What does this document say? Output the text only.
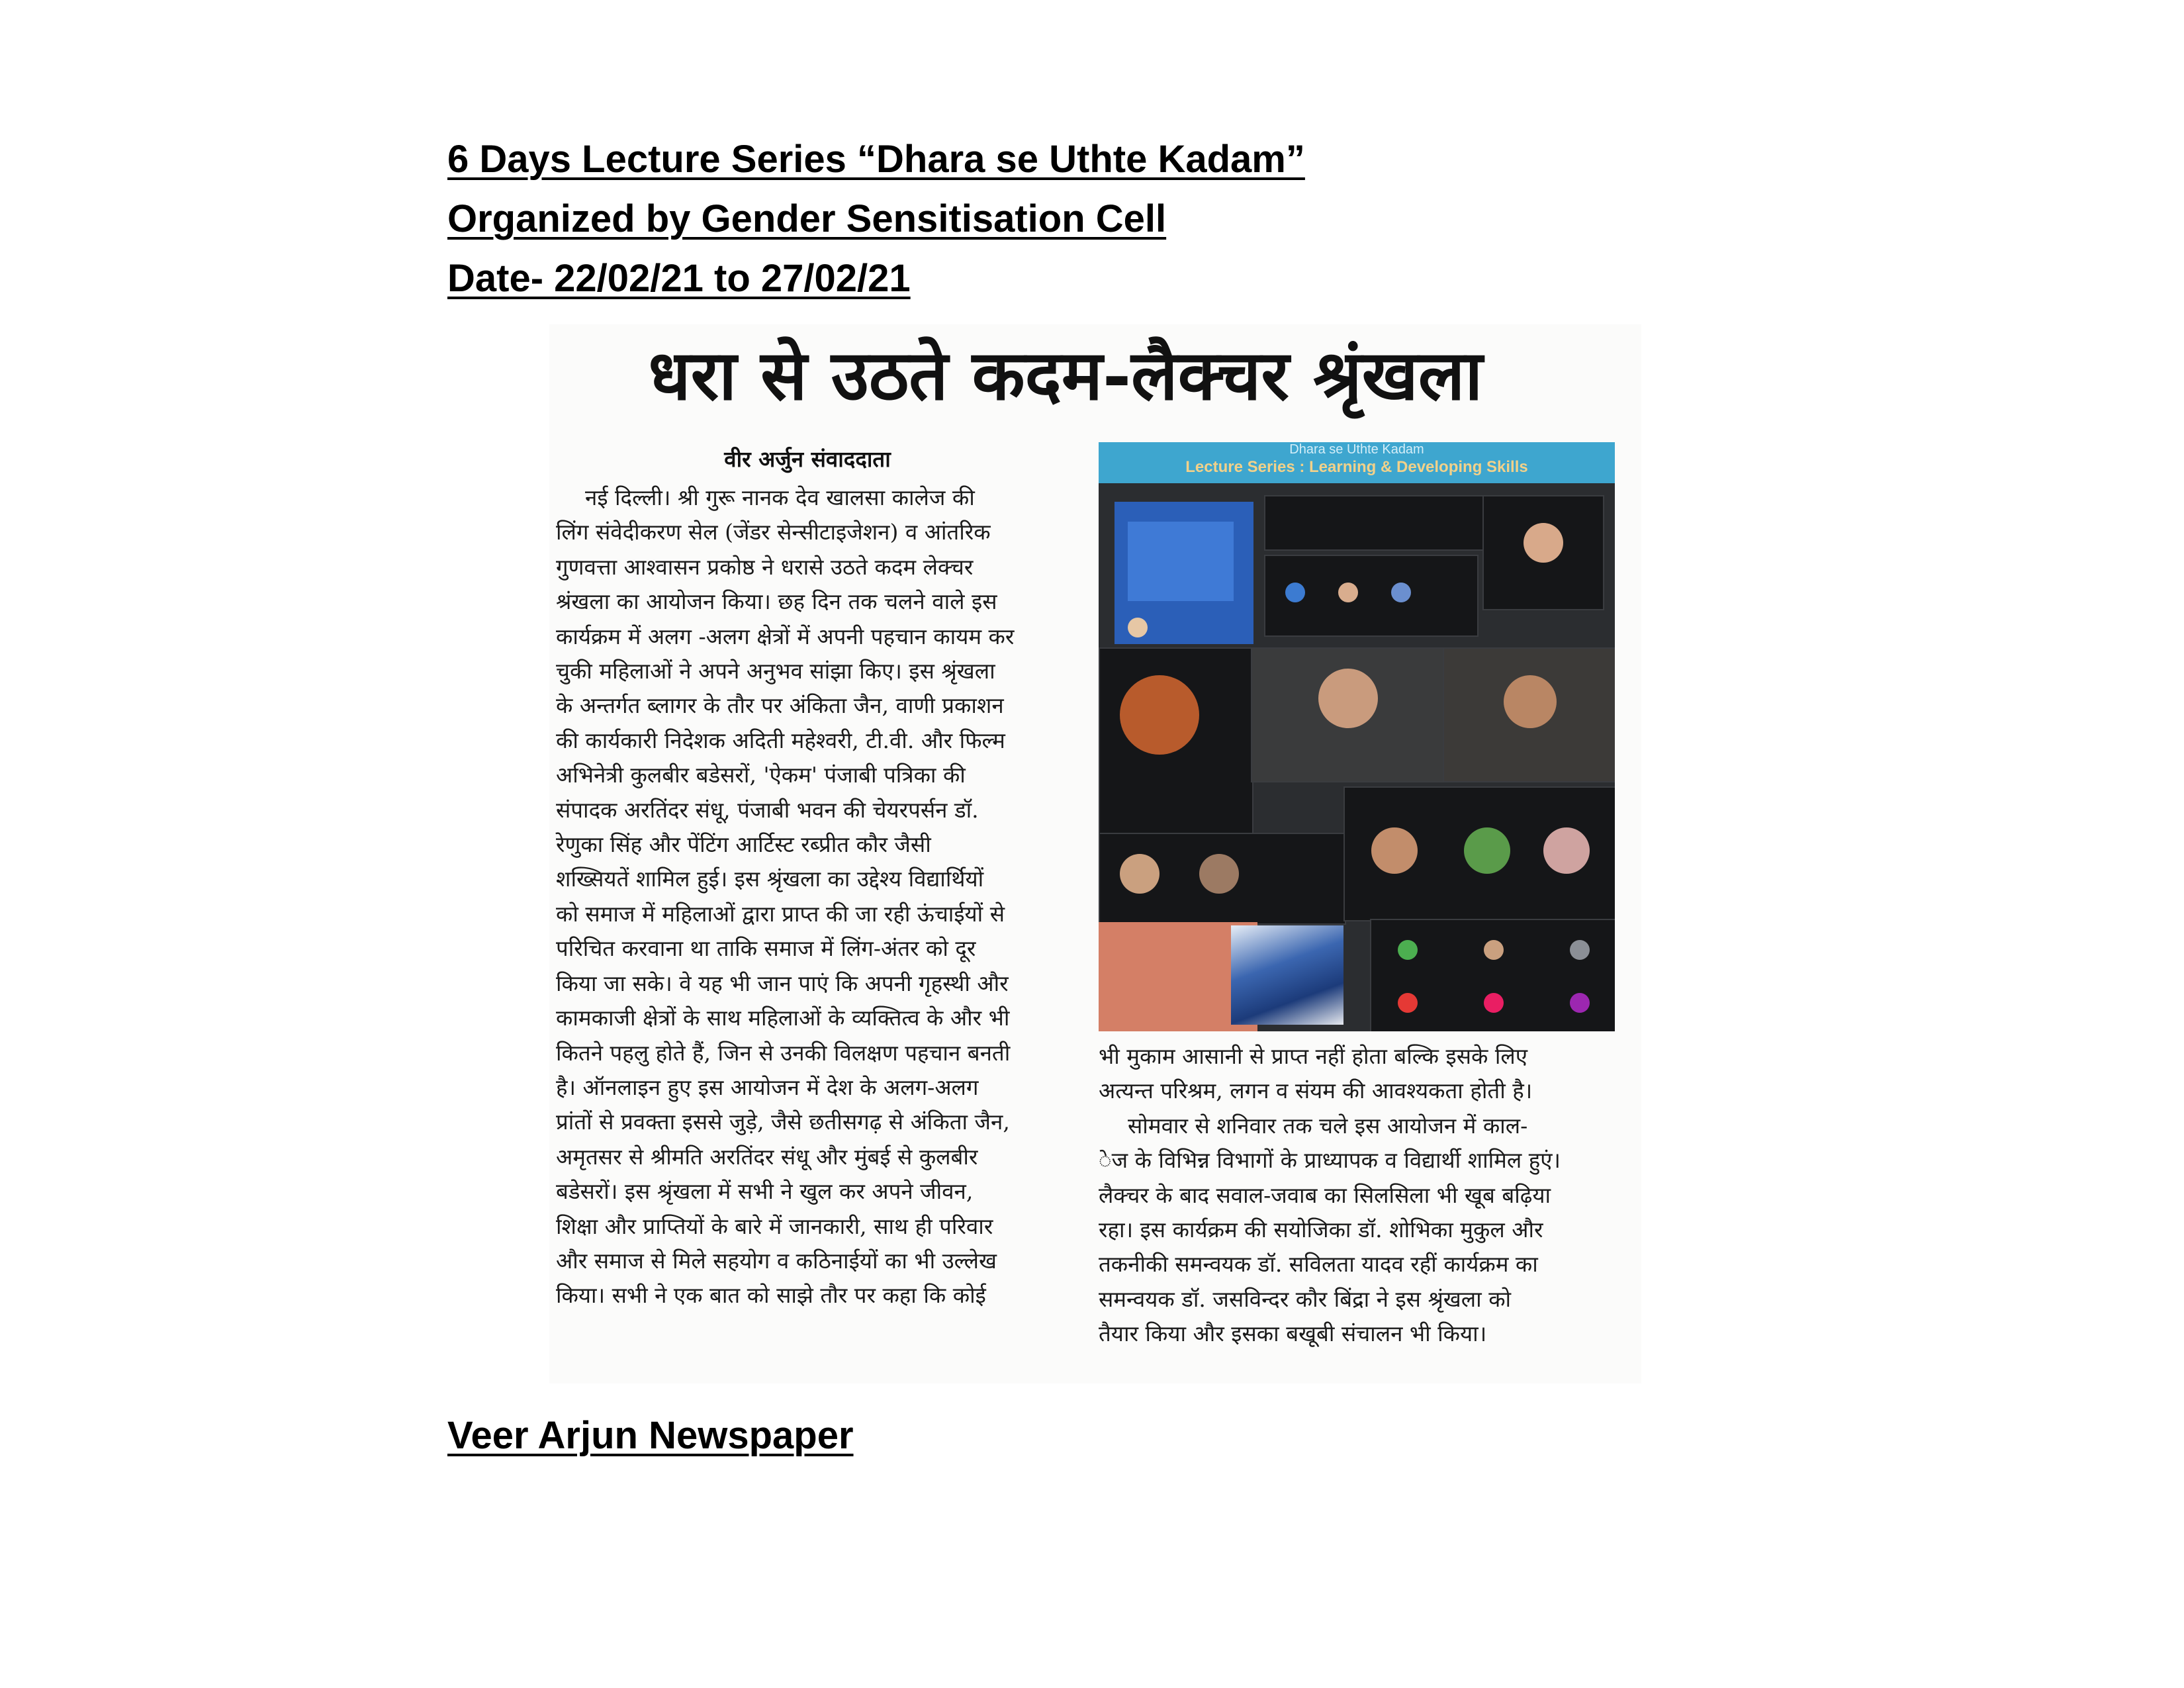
6 Days Lecture Series “Dhara se Uthte Kadam”
Organized by Gender Sensitisation Cell
Date- 22/02/21 to 27/02/21
धरा से उठते कदम-लैक्चर श्रृंखला
वीर अर्जुन संवाददाता
नई दिल्ली। श्री गुरू नानक देव खालसा कालेज की
लिंग संवेदीकरण सेल (जेंडर सेन्सीटाइजेशन) व आंतरिक
गुणवत्ता आश्वासन प्रकोष्ठ ने धरासे उठते कदम लेक्चर
श्रंखला का आयोजन किया। छह दिन तक चलने वाले इस
कार्यक्रम में अलग -अलग क्षेत्रों में अपनी पहचान कायम कर
चुकी महिलाओं ने अपने अनुभव सांझा किए। इस श्रृंखला
के अन्तर्गत ब्लागर के तौर पर अंकिता जैन, वाणी प्रकाशन
की कार्यकारी निदेशक अदिती महेश्वरी, टी.वी. और फिल्म
अभिनेत्री कुलबीर बडेसरों, 'ऐकम' पंजाबी पत्रिका की
संपादक अरतिंदर संधू, पंजाबी भवन की चेयरपर्सन डॉ.
रेणुका सिंह और पेंटिंग आर्टिस्ट रब्प्रीत कौर जैसी
शख्सियतें शामिल हुई। इस श्रृंखला का उद्देश्य विद्यार्थियों
को समाज में महिलाओं द्वारा प्राप्त की जा रही ऊंचाईयों से
परिचित करवाना था ताकि समाज में लिंग-अंतर को दूर
किया जा सके। वे यह भी जान पाएं कि अपनी गृहस्थी और
कामकाजी क्षेत्रों के साथ महिलाओं के व्यक्तित्व के और भी
कितने पहलु होते हैं, जिन से उनकी विलक्षण पहचान बनती
है। ऑनलाइन हुए इस आयोजन में देश के अलग-अलग
प्रांतों से प्रवक्ता इससे जुड़े, जैसे छतीसगढ़ से अंकिता जैन,
अमृतसर से श्रीमति अरतिंदर संधू और मुंबई से कुलबीर
बडेसरों। इस श्रृंखला में सभी ने खुल कर अपने जीवन,
शिक्षा और प्राप्तियों के बारे में जानकारी, साथ ही परिवार
और समाज से मिले सहयोग व कठिनाईयों का भी उल्लेख
किया। सभी ने एक बात को साझे तौर पर कहा कि कोई
Dhara se Uthte Kadam
Lecture Series : Learning & Developing Skills
भी मुकाम आसानी से प्राप्त नहीं होता बल्कि इसके लिए
अत्यन्त परिश्रम, लगन व संयम की आवश्यकता होती है।
सोमवार से शनिवार तक चले इस आयोजन में काल-
ेज के विभिन्न विभागों के प्राध्यापक व विद्यार्थी शामिल हुएं।
लैक्चर के बाद सवाल-जवाब का सिलसिला भी खूब बढ़िया
रहा। इस कार्यक्रम की सयोजिका डॉ. शोभिका मुकुल और
तकनीकी समन्वयक डॉ. सविलता यादव रहीं कार्यक्रम का
समन्वयक डॉ. जसविन्दर कौर बिंद्रा ने इस श्रृंखला को
तैयार किया और इसका बखूबी संचालन भी किया।
Veer Arjun Newspaper
